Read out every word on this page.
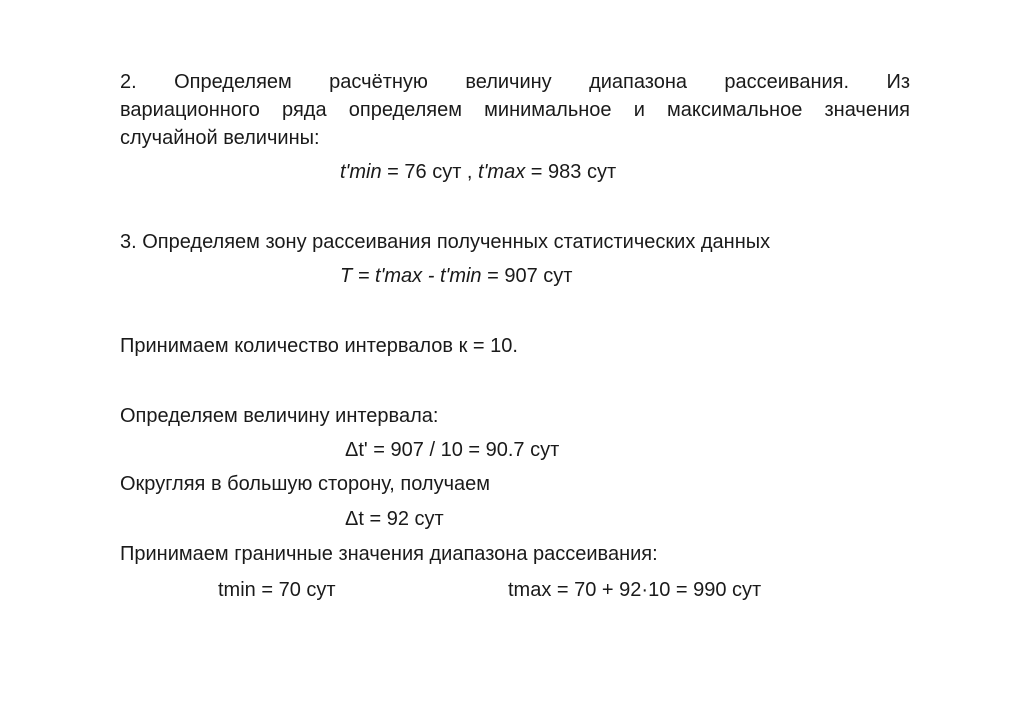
2. Определяем расчётную величину диапазона рассеивания. Из
вариационного ряда определяем минимальное и максимальное значения
случайной величины:
t'min = 76 сут , t'max = 983 сут
3. Определяем зону рассеивания полученных статистических данных
T = t'max - t'min = 907 сут
Принимаем количество интервалов к = 10.
Определяем величину интервала:
Δt' = 907 / 10 = 90.7 сут
Округляя в большую сторону, получаем
Δt = 92 сут
Принимаем граничные значения диапазона рассеивания:
tmin = 70 сут	tmax = 70 + 92·10 = 990 сут
